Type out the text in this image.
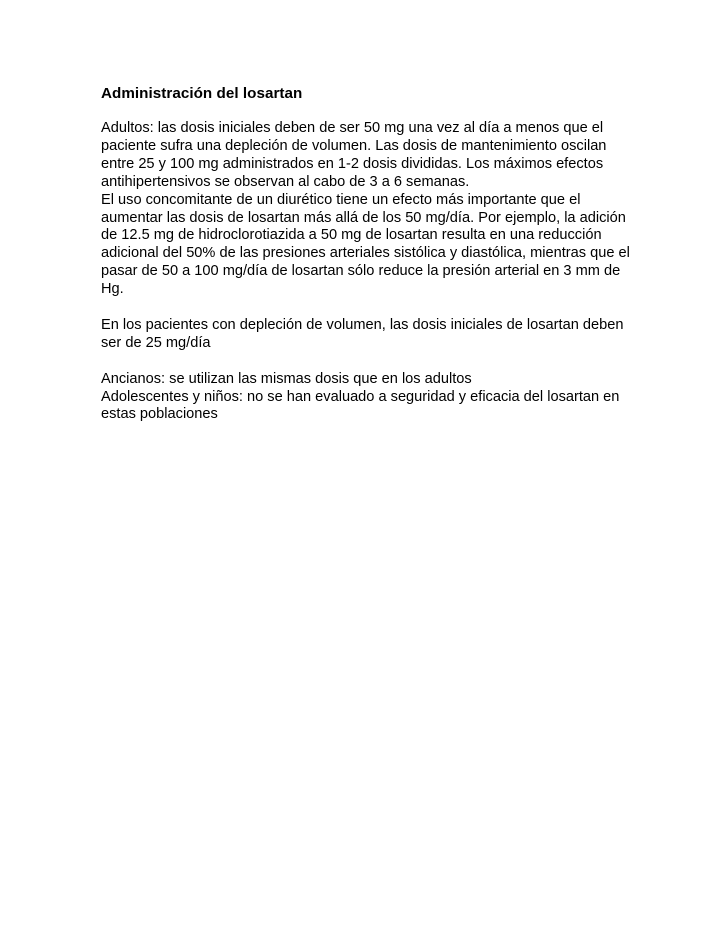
Administración del losartan

Adultos: las dosis iniciales deben de ser 50 mg una vez al día a menos que el
paciente sufra una depleción de volumen. Las dosis de mantenimiento oscilan
entre 25 y 100 mg administrados en 1-2 dosis divididas. Los máximos efectos
antihipertensivos se observan al cabo de 3 a 6 semanas.
El uso concomitante de un diurético tiene un efecto más importante que el
aumentar las dosis de losartan más allá de los 50 mg/día. Por ejemplo, la adición
de 12.5 mg de hidroclorotiazida a 50 mg de losartan resulta en una reducción
adicional del 50% de las presiones arteriales sistólica y diastólica, mientras que el
pasar de 50 a 100 mg/día de losartan sólo reduce la presión arterial en 3 mm de
Hg.

En los pacientes con depleción de volumen, las dosis iniciales de losartan deben
ser de 25 mg/día

Ancianos: se utilizan las mismas dosis que en los adultos
Adolescentes y niños: no se han evaluado a seguridad y eficacia del losartan en
estas poblaciones
